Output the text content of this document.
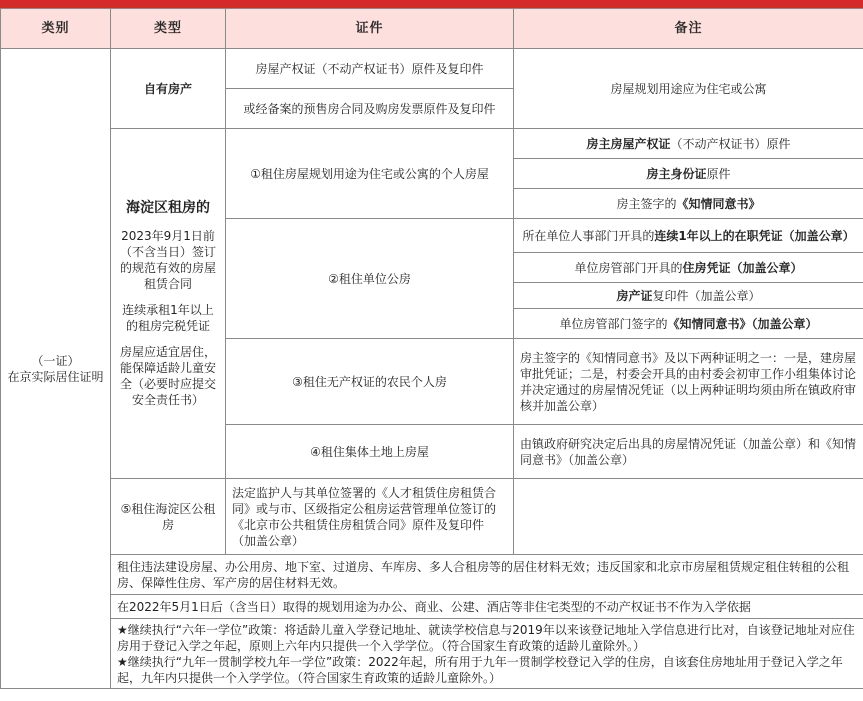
类别	类型	证件	备注

（一证）
在京实际居住证明	自有房产	房屋产权证（不动产权证书）原件及复印件	房屋规划用途应为住宅或公寓
		或经备案的预售房合同及购房发票原件及复印件	

	海淀区租房的
2023年9月1日前（不含当日）签订的规范有效的房屋租赁合同
连续承租1年以上的租房完税凭证
房屋应适宜居住，能保障适龄儿童安全（必要时应提交安全责任书）	①租住房屋规划用途为住宅或公寓的个人房屋	房主房屋产权证（不动产权证书）原件
			房主身份证原件
			房主签字的《知情同意书》
		②租住单位公房	所在单位人事部门开具的连续1年以上的在职凭证（加盖公章）
			单位房管部门开具的住房凭证（加盖公章）
			房产证复印件（加盖公章）
			单位房管部门签字的《知情同意书》（加盖公章）
		③租住无产权证的农民个人房	房主签字的《知情同意书》及以下两种证明之一：一是，建房屋审批凭证；二是，村委会开具的由村委会初审工作小组集体讨论并决定通过的房屋情况凭证（以上两种证明均须由所在镇政府审核并加盖公章）
		④租住集体土地上房屋	由镇政府研究决定后出具的房屋情况凭证（加盖公章）和《知情同意书》（加盖公章）
	⑤租住海淀区公租房	法定监护人与其单位签署的《人才租赁住房租赁合同》或与市、区级指定公租房运营管理单位签订的《北京市公共租赁住房租赁合同》原件及复印件（加盖公章）	
	租住违法建设房屋、办公用房、地下室、过道房、车库房、多人合租房等的居住材料无效；违反国家和北京市房屋租赁规定租住转租的公租房、保障性住房、军产房的居住材料无效。		
	在2022年5月1日后（含当日）取得的规划用途为办公、商业、公建、酒店等非住宅类型的不动产权证书不作为入学依据		

	★继续执行“六年一学位”政策：将适龄儿童入学登记地址、就读学校信息与2019年以来该登记地址入学信息进行比对，自该登记地址对应住房用于登记入学之年起，原则上六年内只提供一个入学学位。（符合国家生育政策的适龄儿童除外。）
★继续执行“九年一贯制学校九年一学位”政策：2022年起，所有用于九年一贯制学校登记入学的住房，自该套住房地址用于登记入学之年起，九年内只提供一个入学学位。（符合国家生育政策的适龄儿童除外。）		
